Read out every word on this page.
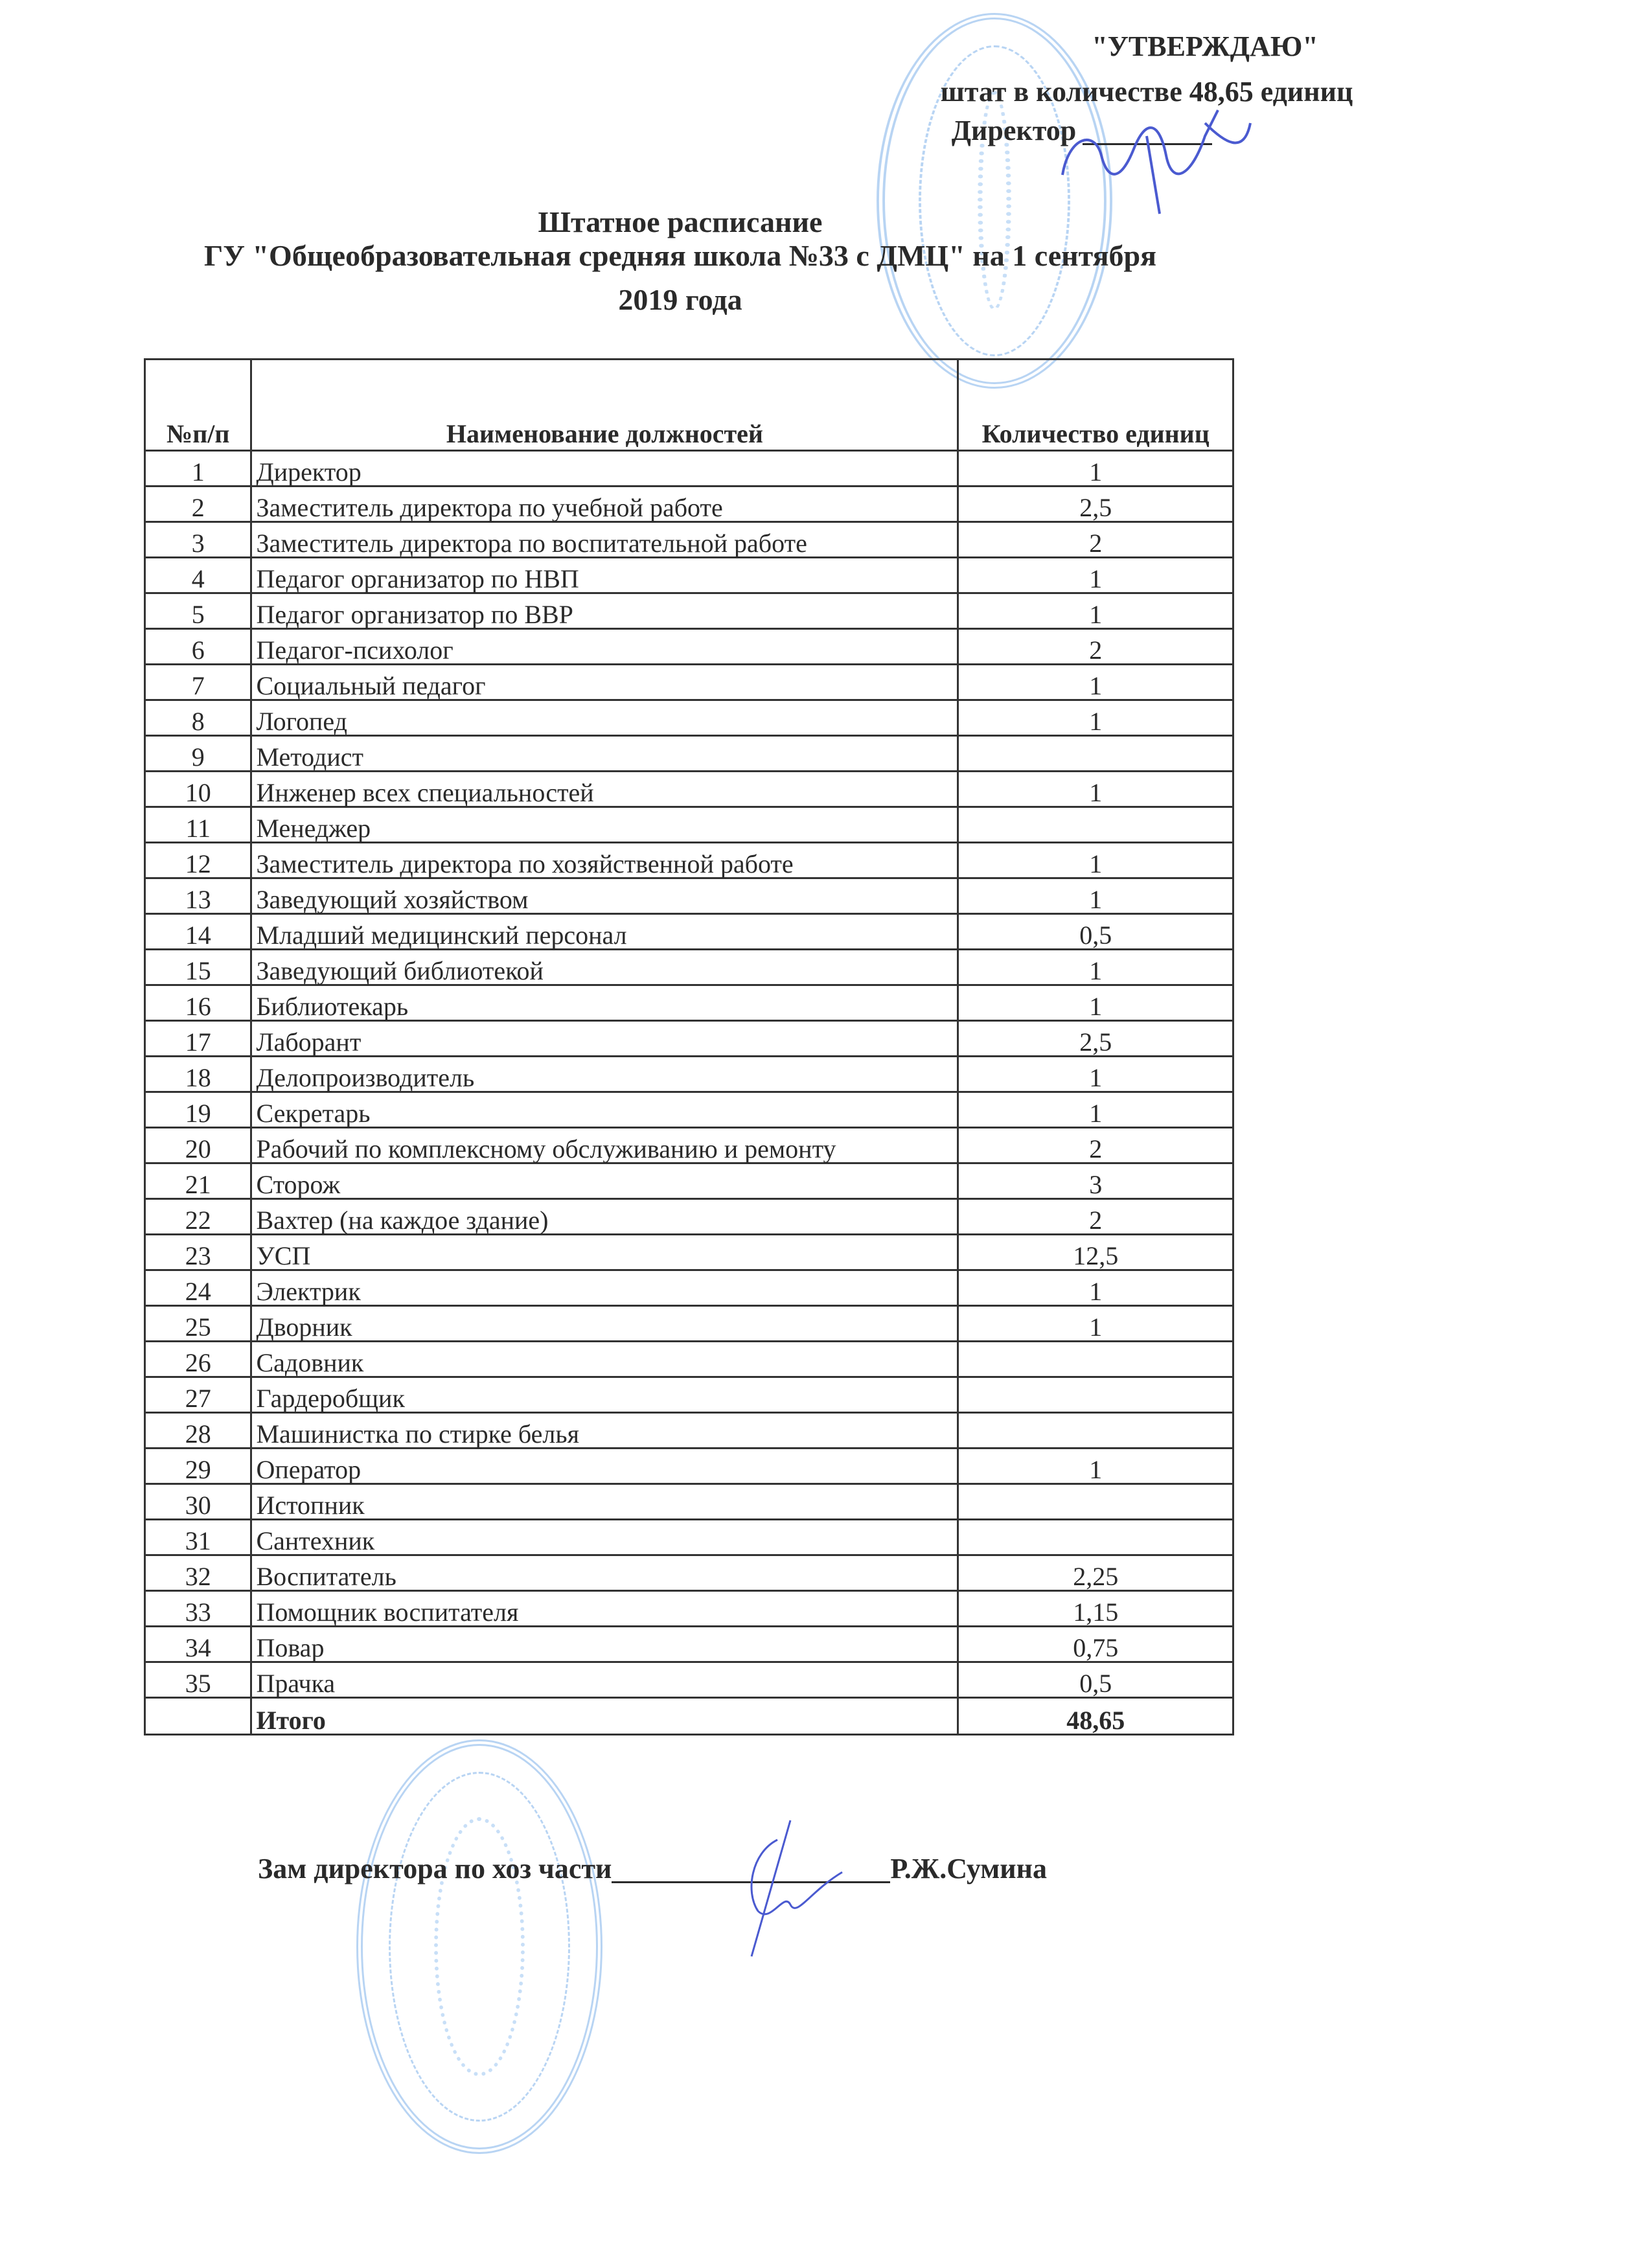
"УТВЕРЖДАЮ"
штат в количестве 48,65 единиц
Директор
Штатное расписание
ГУ "Общеобразовательная средняя школа №33 с ДМЦ" на 1 сентября
2019 года
№п/п	Наименование должностей	Количество единиц
1	Директор	1
2	Заместитель директора по учебной работе	2,5
3	Заместитель директора по воспитательной работе	2
4	Педагог организатор по НВП	1
5	Педагог организатор по ВВР	1
6	Педагог-психолог	2
7	Социальный педагог	1
8	Логопед	1
9	Методист	
10	Инженер всех специальностей	1
11	Менеджер	
12	Заместитель директора по хозяйственной работе	1
13	Заведующий хозяйством	1
14	Младший медицинский персонал	0,5
15	Заведующий библиотекой	1
16	Библиотекарь	1
17	Лаборант	2,5
18	Делопроизводитель	1
19	Секретарь	1
20	Рабочий по комплексному обслуживанию и ремонту	2
21	Сторож	3
22	Вахтер (на каждое здание)	2
23	УСП	12,5
24	Электрик	1
25	Дворник	1
26	Садовник	
27	Гардеробщик	
28	Машинистка по стирке белья	
29	Оператор	1
30	Истопник	
31	Сантехник	
32	Воспитатель	2,25
33	Помощник воспитателя	1,15
34	Повар	0,75
35	Прачка	0,5
	Итого	48,65
Зам директора по хоз части	Р.Ж.Сумина
